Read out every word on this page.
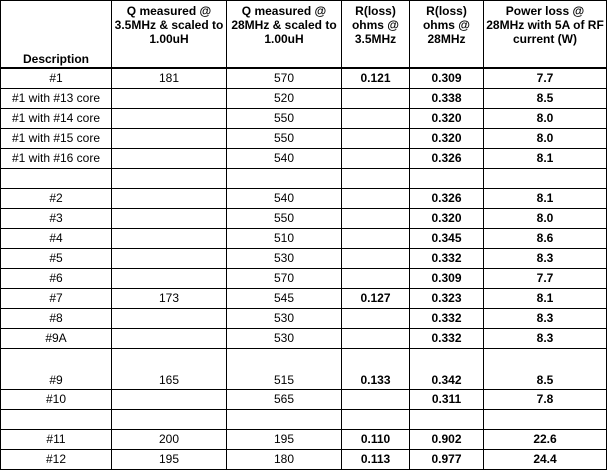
Description	Q measured @ 3.5MHz & scaled to 1.00uH	Q measured @ 28MHz & scaled to 1.00uH	R(loss) ohms @ 3.5MHz	R(loss) ohms @ 28MHz	Power loss @ 28MHz with 5A of RF current (W)
#1	181	570	0.121	0.309	7.7
#1 with #13 core		520		0.338	8.5
#1 with #14 core		550		0.320	8.0
#1 with #15 core		550		0.320	8.0
#1 with #16 core		540		0.326	8.1

#2		540		0.326	8.1
#3		550		0.320	8.0
#4		510		0.345	8.6
#5		530		0.332	8.3
#6		570		0.309	7.7
#7	173	545	0.127	0.323	8.1
#8		530		0.332	8.3
#9A		530		0.332	8.3
#9	165	515	0.133	0.342	8.5
#10		565		0.311	7.8

#11	200	195	0.110	0.902	22.6
#12	195	180	0.113	0.977	24.4
